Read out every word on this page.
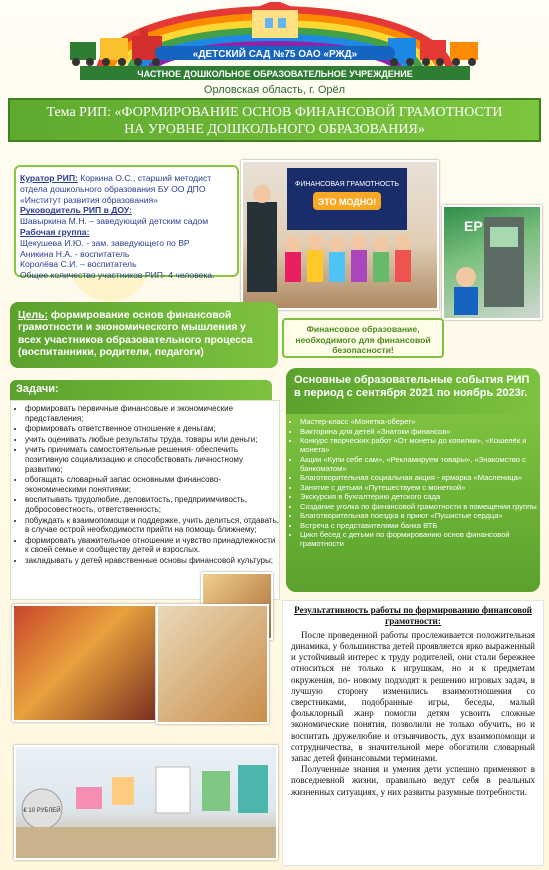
«ДЕТСКИЙ САД №75 ОАО «РЖД»
ЧАСТНОЕ ДОШКОЛЬНОЕ ОБРАЗОВАТЕЛЬНОЕ УЧРЕЖДЕНИЕ
Орловская область, г. Орёл
Тема РИП: «ФОРМИРОВАНИЕ ОСНОВ ФИНАНСОВОЙ ГРАМОТНОСТИ
НА УРОВНЕ ДОШКОЛЬНОГО ОБРАЗОВАНИЯ»
Куратор РИП: Коркина О.С., старший методист отдела дошкольного образования БУ ОО ДПО «Институт развития образования»
Руководитель РИП в ДОУ:
Шавыркина М.Н. – заведующий детским садом
Рабочая группа:
Щекушева И.Ю. - зам. заведующего по ВР
Аникина Н.А. - воспитатель
Королёва С.И. – воспитатель
Общее количество участников РИП- 4 человека.
ФИНАНСОВАЯ ГРАМОТНОСТЬ
ЭТО МОДНО!
ЕР
Цель: формирование основ финансовой грамотности и экономического мышления у всех участников образовательного процесса (воспитанники, родители, педагоги)
Финансовое образование, необходимого для финансовой безопасности!
Задачи:
• формировать первичные финансовые и экономические представления;
• формировать ответственное отношение к деньгам;
• учить оценивать любые результаты труда, товары или деньги;
• учить принимать самостоятельные решения- обеспечить позитивную социализацию и способствовать личностному развитию;
• обогащать словарный запас основными финансово-экономическими понятиями;
• воспитывать трудолюбие, деловитость, предприимчивость, добросовестность, ответственность;
• побуждать к взаимопомощи и поддержке, учить делиться, отдавать, в случае острой необходимости прийти на помощь ближнему;
• формировать уважительное отношение и чувство принадлежности к своей семье и сообществу детей и взрослых.
• закладывать у детей нравственные основы финансовой культуры;
Основные образовательные события РИП в период с сентября 2021 по ноябрь 2023г.
• Мастер-класс «Монетка-оберег»
• Викторина для детей «Знатоки финансов»
• Конкурс творческих работ «От монеты до копилки», «Кошелёк и монета»
• Акции «Купи себе сам», «Рекламируем товары», «Знакомство с банкоматом»
• Благотворительная социальная акция - ярмарка «Масленица»
• Занятие с детьми «Путешествуем с монеткой»
• Экскурсия в бухгалтерию детского сада
• Создание уголка по финансовой грамотности в помещении группы
• Благотворительная поездка в приют «Пушистые сердца»
• Встреча с представителями банка ВТБ
• Цикл бесед с детьми по формированию основ финансовой грамотности
€ 10 РУБЛЕЙ
Результативность работы по формированию финансовой грамотности:

После проведенной работы прослеживается положительная динамика, у большинства детей проявляется ярко выраженный и устойчивый интерес к труду родителей, они стали бережнее относиться не только к игрушкам, но и к предметам окружения, по- новому подходят к решению игровых задач, в лучшую сторону изменились взаимоотношения со сверстниками, подобранные игры, беседы, малый фольклорный жанр помогли детям усвоить сложные экономические понятия, позволили не только обучить, но и воспитать дружелюбие и отзывчивость, дух взаимопомощи и сотрудничества, в значительной мере обогатили словарный запас детей финансовыми терминами.

Полученные знания и умения дети успешно применяют в повседневной жизни, правильно ведут себя в реальных жизненных ситуациях, у них развиты разумные потребности.
